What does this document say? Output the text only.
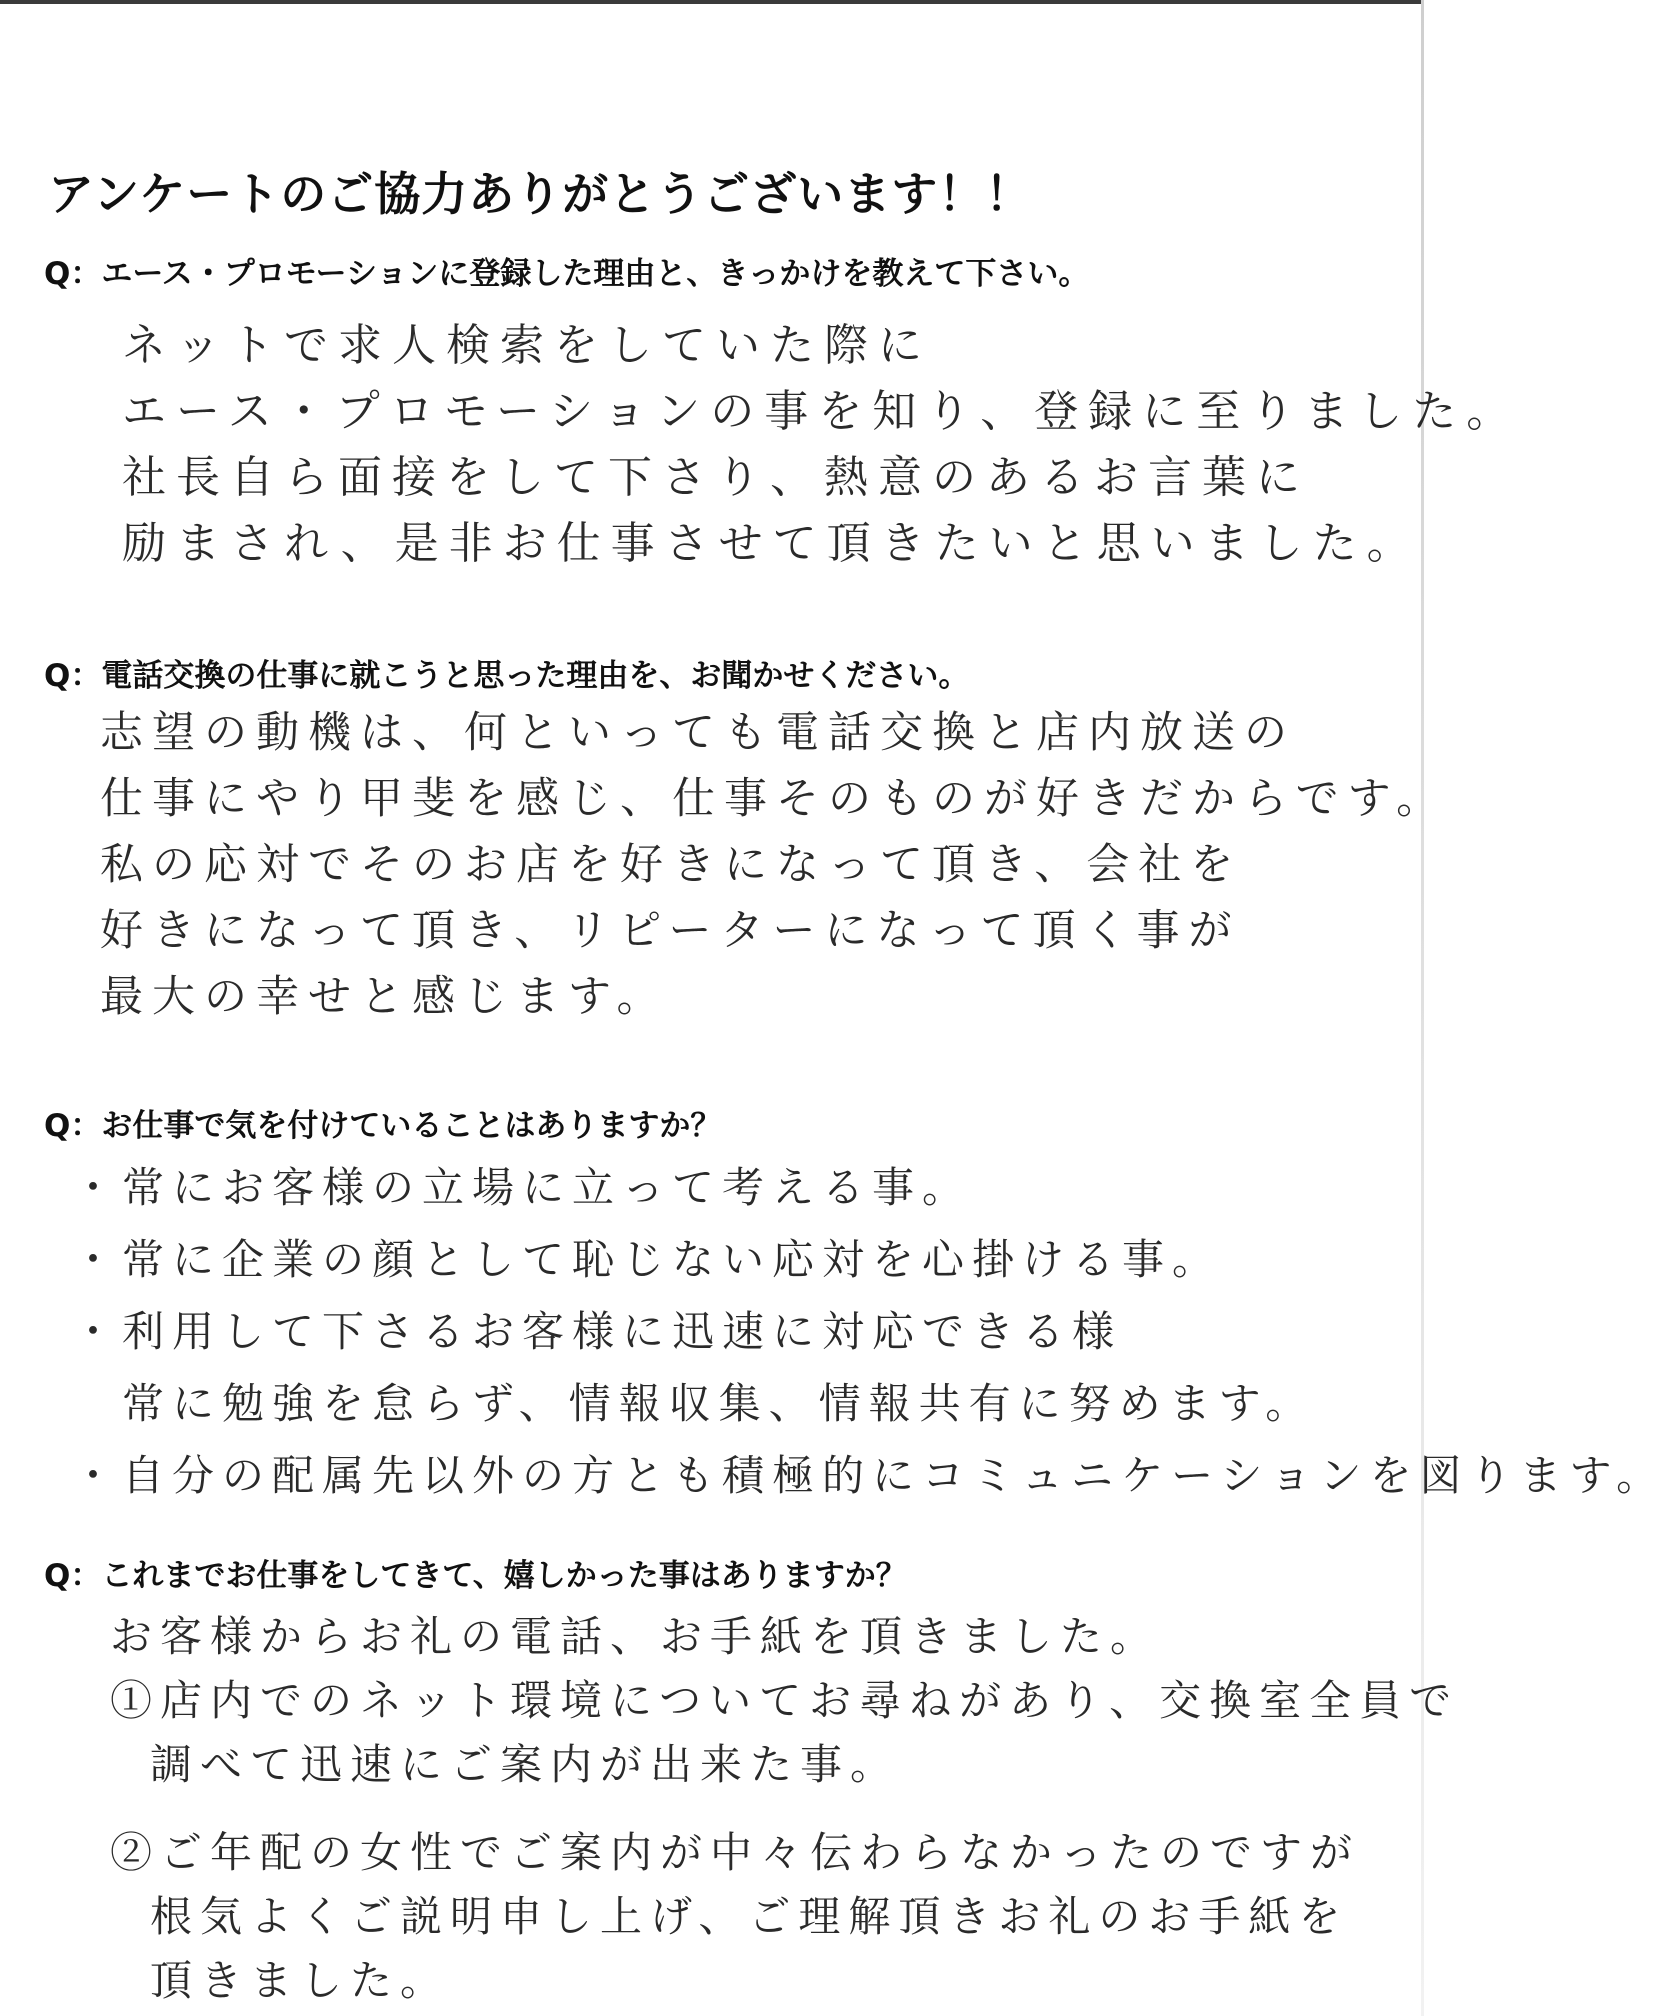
アンケートのご協力ありがとうございます！！
Q：エース・プロモーションに登録した理由と、きっかけを教えて下さい。
ネットで求人検索をしていた際に
エース・プロモーションの事を知り、登録に至りました。
社長自ら面接をして下さり、熱意のあるお言葉に
励まされ、是非お仕事させて頂きたいと思いました。
Q：電話交換の仕事に就こうと思った理由を、お聞かせください。
志望の動機は、何といっても電話交換と店内放送の
仕事にやり甲斐を感じ、仕事そのものが好きだからです。
私の応対でそのお店を好きになって頂き、会社を
好きになって頂き、リピーターになって頂く事が
最大の幸せと感じます。
Q：お仕事で気を付けていることはありますか？
・常にお客様の立場に立って考える事。
・常に企業の顔として恥じない応対を心掛ける事。
・利用して下さるお客様に迅速に対応できる様
　常に勉強を怠らず、情報収集、情報共有に努めます。
・自分の配属先以外の方とも積極的にコミュニケーションを図ります。
Q：これまでお仕事をしてきて、嬉しかった事はありますか？
お客様からお礼の電話、お手紙を頂きました。
①店内でのネット環境についてお尋ねがあり、交換室全員で
調べて迅速にご案内が出来た事。
②ご年配の女性でご案内が中々伝わらなかったのですが
根気よくご説明申し上げ、ご理解頂きお礼のお手紙を
頂きました。
